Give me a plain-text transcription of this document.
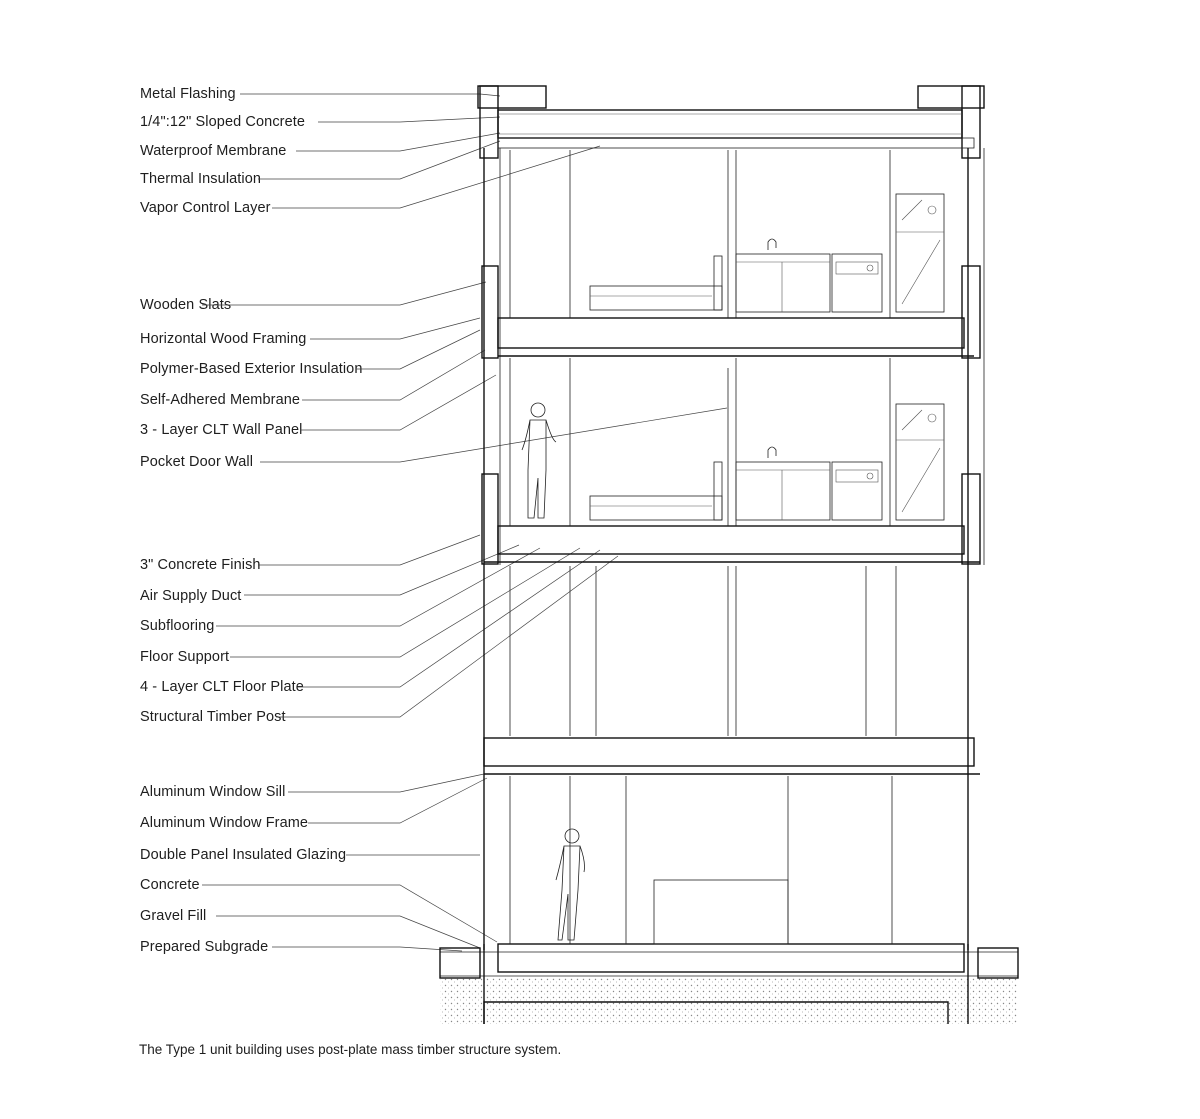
Metal Flashing
1/4":12" Sloped Concrete
Waterproof Membrane
Thermal Insulation
Vapor Control Layer
Wooden Slats
Horizontal Wood Framing
Polymer-Based Exterior Insulation
Self-Adhered Membrane
3 - Layer CLT Wall Panel
Pocket Door Wall
3" Concrete Finish
Air Supply Duct
Subflooring
Floor Support
4 - Layer CLT Floor Plate
Structural Timber Post
Aluminum Window Sill
Aluminum Window Frame
Double Panel Insulated Glazing
Concrete
Gravel Fill
Prepared Subgrade
The Type 1 unit building uses post-plate mass timber structure system.
